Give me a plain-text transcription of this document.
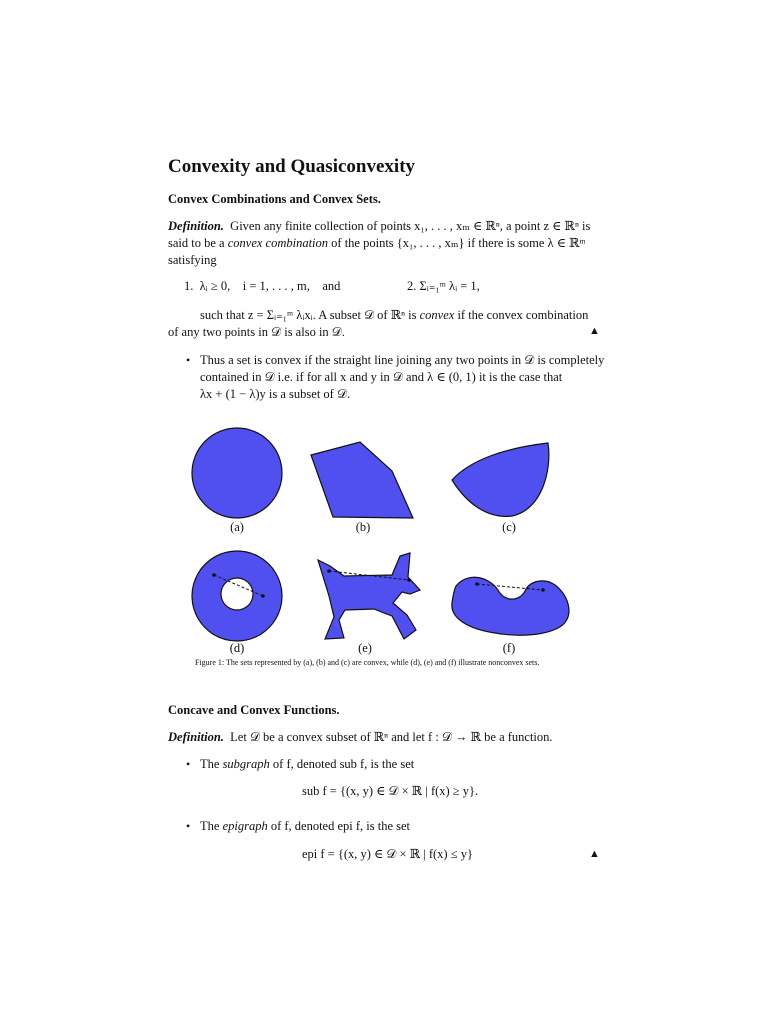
Convexity and Quasiconvexity
Convex Combinations and Convex Sets.
Definition. Given any finite collection of points x₁, . . . , xₘ ∈ ℝⁿ, a point z ∈ ℝⁿ is
said to be a convex combination of the points {x₁, . . . , xₘ} if there is some λ ∈ ℝᵐ
satisfying
1.  λᵢ ≥ 0,    i = 1, . . . , m,    and	2. Σᵢ₌₁ᵐ λᵢ = 1,
such that z = Σᵢ₌₁ᵐ λᵢxᵢ. A subset 𝒟 of ℝⁿ is convex if the convex combination
of any two points in 𝒟 is also in 𝒟.	▲
• Thus a set is convex if the straight line joining any two points in 𝒟 is completely
contained in 𝒟 i.e. if for all x and y in 𝒟 and λ ∈ (0, 1) it is the case that
λx + (1 − λ)y is a subset of 𝒟.
(a)	(b)	(c)
(d)	(e)	(f)
Figure 1: The sets represented by (a), (b) and (c) are convex, while (d), (e) and (f) illustrate nonconvex sets.
Concave and Convex Functions.
Definition. Let 𝒟 be a convex subset of ℝⁿ and let f : 𝒟 → ℝ be a function.
• The subgraph of f, denoted sub f, is the set
sub f = {(x, y) ∈ 𝒟 × ℝ | f(x) ≥ y}.
• The epigraph of f, denoted epi f, is the set
epi f = {(x, y) ∈ 𝒟 × ℝ | f(x) ≤ y}	▲
